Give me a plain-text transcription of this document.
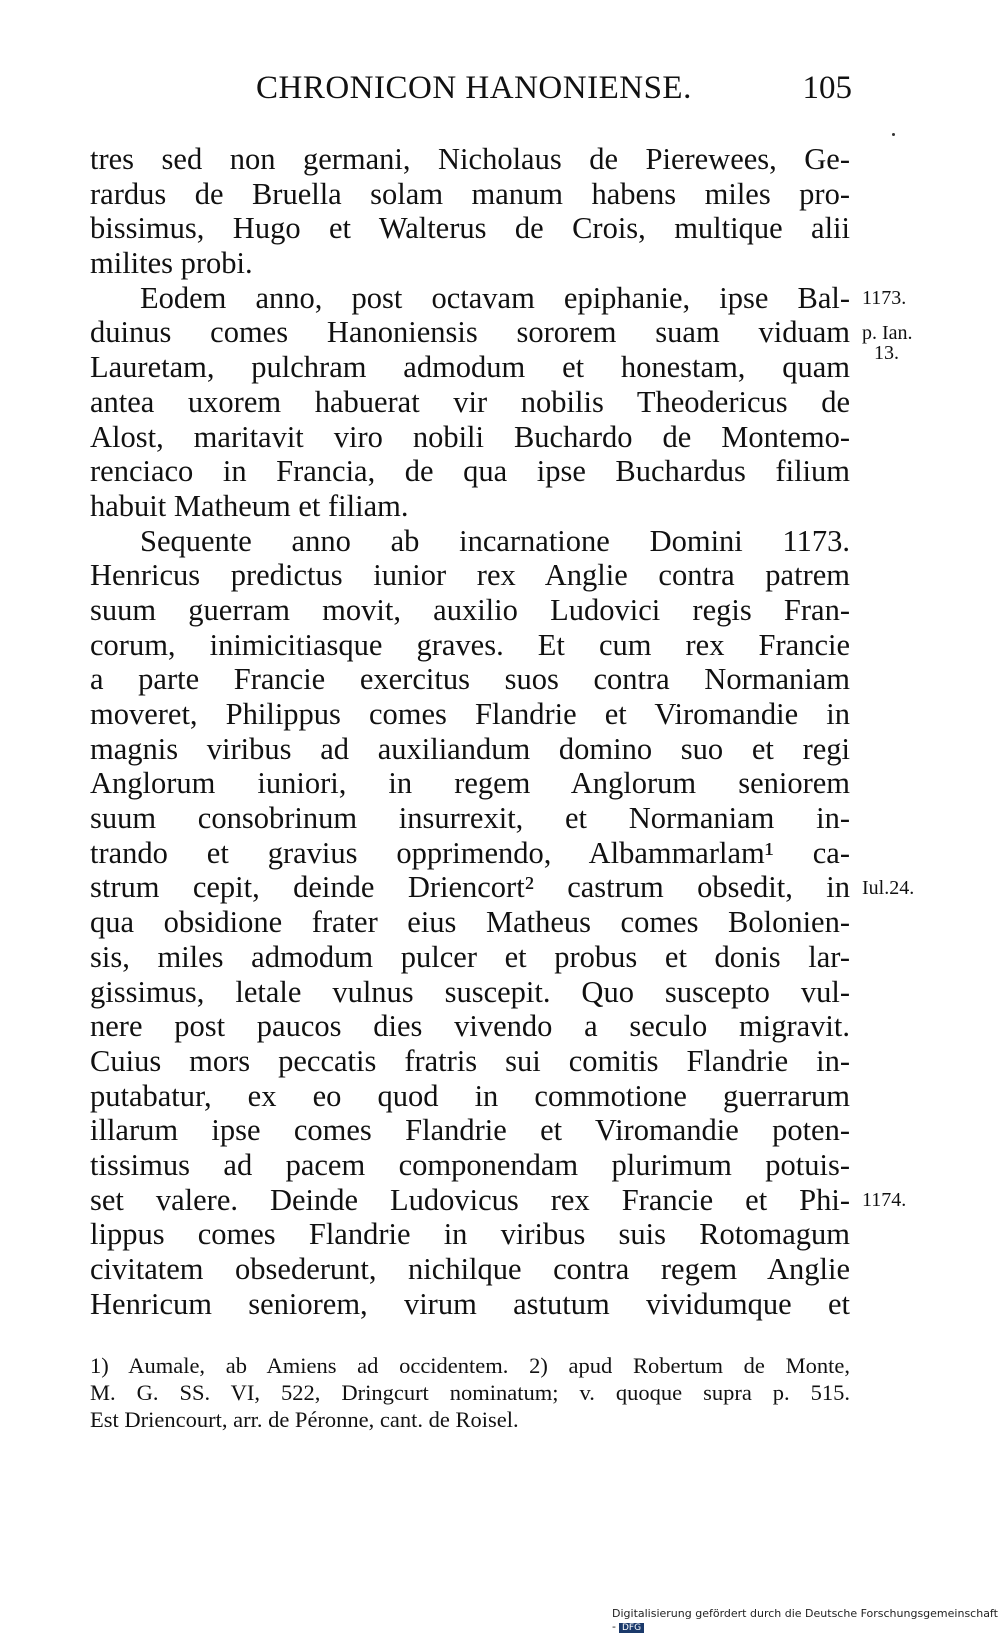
CHRONICON HANONIENSE.	105
tres sed non germani, Nicholaus de Pierewees, Ge-
rardus de Bruella solam manum habens miles pro-
bissimus, Hugo et Walterus de Crois, multique alii
milites probi.
Eodem anno, post octavam epiphanie, ipse Bal-
duinus comes Hanoniensis sororem suam viduam
Lauretam, pulchram admodum et honestam, quam
antea uxorem habuerat vir nobilis Theodericus de
Alost, maritavit viro nobili Buchardo de Montemo-
renciaco in Francia, de qua ipse Buchardus filium
habuit Matheum et filiam.
Sequente anno ab incarnatione Domini 1173.
Henricus predictus iunior rex Anglie contra patrem
suum guerram movit, auxilio Ludovici regis Fran-
corum, inimicitiasque graves. Et cum rex Francie
a parte Francie exercitus suos contra Normaniam
moveret, Philippus comes Flandrie et Viromandie in
magnis viribus ad auxiliandum domino suo et regi
Anglorum iuniori, in regem Anglorum seniorem
suum consobrinum insurrexit, et Normaniam in-
trando et gravius opprimendo, Albammarlam¹ ca-
strum cepit, deinde Driencort² castrum obsedit, in
qua obsidione frater eius Matheus comes Bolonien-
sis, miles admodum pulcer et probus et donis lar-
gissimus, letale vulnus suscepit. Quo suscepto vul-
nere post paucos dies vivendo a seculo migravit.
Cuius mors peccatis fratris sui comitis Flandrie in-
putabatur, ex eo quod in commotione guerrarum
illarum ipse comes Flandrie et Viromandie poten-
tissimus ad pacem componendam plurimum potuis-
set valere. Deinde Ludovicus rex Francie et Phi-
lippus comes Flandrie in viribus suis Rotomagum
civitatem obsederunt, nichilque contra regem Anglie
Henricum seniorem, virum astutum vividumque et
1173.
p. Ian.
13.
Iul.24.
1174.
1) Aumale, ab Amiens ad occidentem. 2) apud Robertum de Monte,
M. G. SS. VI, 522, Dringcurt nominatum; v. quoque supra p. 515.
Est Driencourt, arr. de Péronne, cant. de Roisel.
Digitalisierung gefördert durch die Deutsche Forschungsgemeinschaft - DFG
